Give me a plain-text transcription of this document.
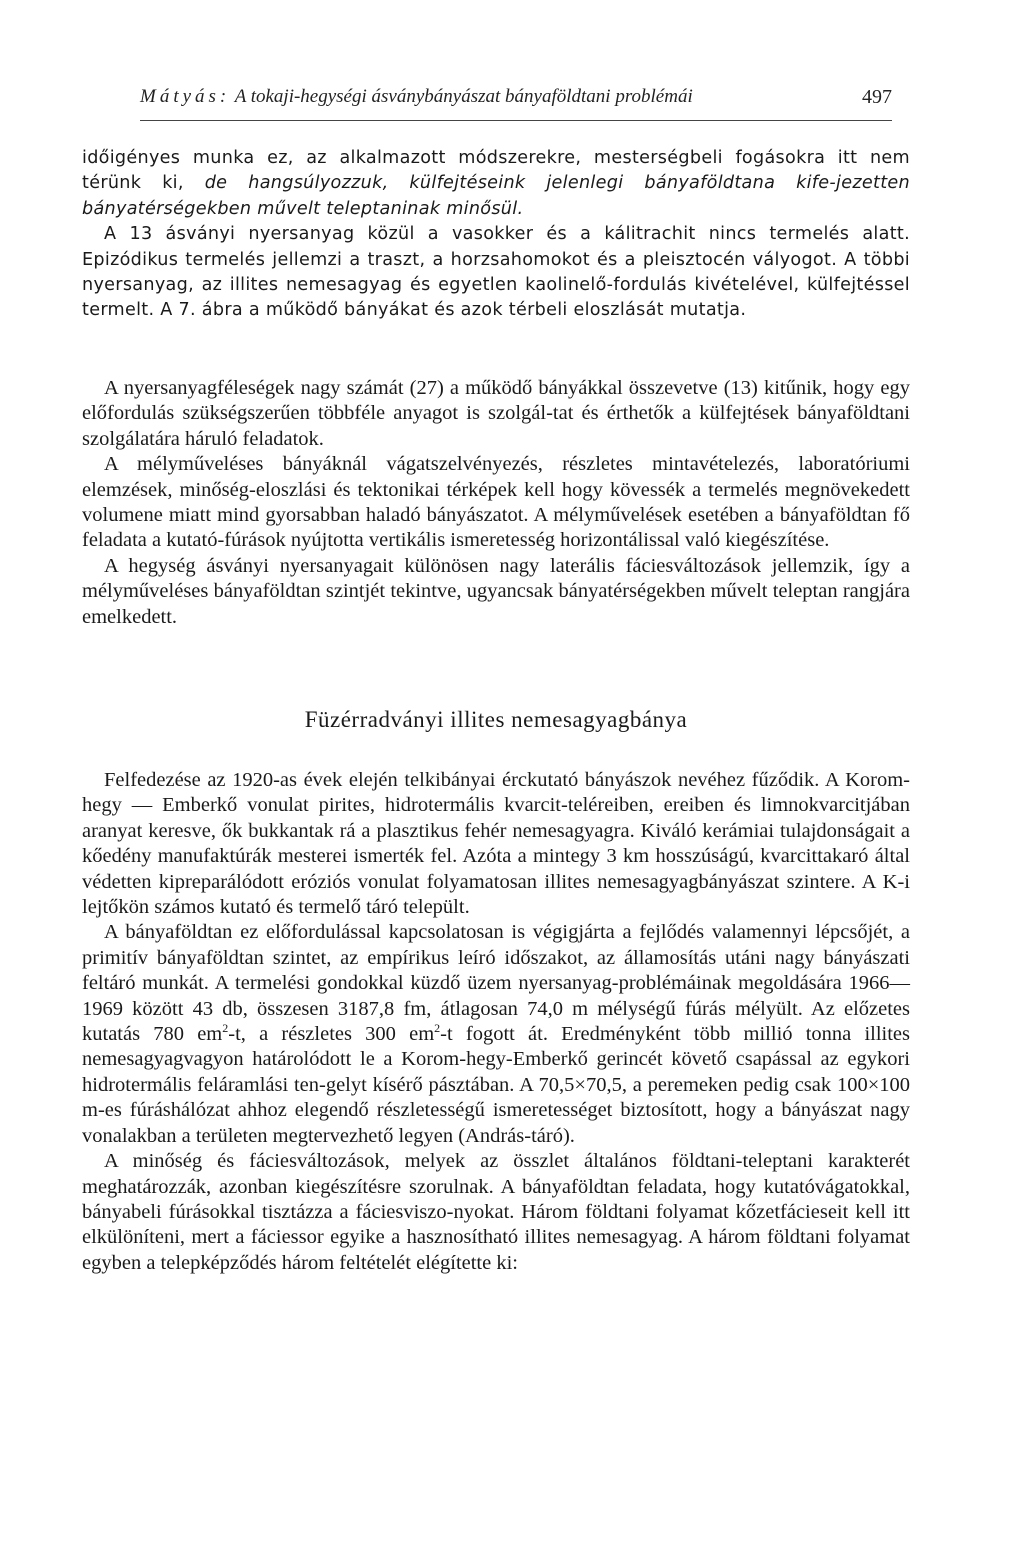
Mátyás: A tokaji-hegységi ásványbányászat bányaföldtani problémái	497

időigényes munka ez, az alkalmazott módszerekre, mesterségbeli fogásokra itt nem térünk ki, de hangsúlyozzuk, külfejtéseink jelenlegi bányaföldtana kife-jezetten bányatérségekben művelt teleptaninak minősül.

A 13 ásványi nyersanyag közül a vasokker és a kálitrachit nincs termelés alatt. Epizódikus termelés jellemzi a traszt, a horzsahomokot és a pleisztocén vályogot. A többi nyersanyag, az illites nemesagyag és egyetlen kaolinelő-fordulás kivételével, külfejtéssel termelt. A 7. ábra a működő bányákat és azok térbeli eloszlását mutatja.

A nyersanyagféleségek nagy számát (27) a működő bányákkal összevetve (13) kitűnik, hogy egy előfordulás szükségszerűen többféle anyagot is szolgál-tat és érthetők a külfejtések bányaföldtani szolgálatára háruló feladatok.

A mélyműveléses bányáknál vágatszelvényezés, részletes mintavételezés, laboratóriumi elemzések, minőség-eloszlási és tektonikai térképek kell hogy kövessék a termelés megnövekedett volumene miatt mind gyorsabban haladó bányászatot. A mélyművelések esetében a bányaföldtan fő feladata a kutató-fúrások nyújtotta vertikális ismeretesség horizontálissal való kiegészítése.

A hegység ásványi nyersanyagait különösen nagy laterális fáciesváltozások jellemzik, így a mélyműveléses bányaföldtan szintjét tekintve, ugyancsak bányatérségekben művelt teleptan rangjára emelkedett.

Füzérradványi illites nemesagyagbánya

Felfedezése az 1920-as évek elején telkibányai érckutató bányászok nevéhez fűződik. A Korom-hegy — Emberkő vonulat pirites, hidrotermális kvarcit-teléreiben, ereiben és limnokvarcitjában aranyat keresve, ők bukkantak rá a plasztikus fehér nemesagyagra. Kiváló kerámiai tulajdonságait a kőedény manufaktúrák mesterei ismerték fel. Azóta a mintegy 3 km hosszúságú, kvarcittakaró által védetten kipreparálódott eróziós vonulat folyamatosan illites nemesagyagbányászat szintere. A K-i lejtőkön számos kutató és termelő táró települt.

A bányaföldtan ez előfordulással kapcsolatosan is végigjárta a fejlődés valamennyi lépcsőjét, a primitív bányaföldtan szintet, az empírikus leíró időszakot, az államosítás utáni nagy bányászati feltáró munkát. A termelési gondokkal küzdő üzem nyersanyag-problémáinak megoldására 1966—1969 között 43 db, összesen 3187,8 fm, átlagosan 74,0 m mélységű fúrás mélyült. Az előzetes kutatás 780 $em^2-t$, a részletes 300 $em^2-t$ fogott át. Eredményként több millió tonna illites nemesagyagvagyon határolódott le a Korom-hegy-Emberkő gerincét követő csapással az egykori hidrotermális feláramlási ten-gelyt kísérő pásztában. A 70,5×70,5, a peremeken pedig csak 100×100 m-es fúráshálózat ahhoz elegendő részletességű ismeretességet biztosított, hogy a bányászat nagy vonalakban a területen megtervezhető legyen (András-táró).

A minőség és fáciesváltozások, melyek az összlet általános földtani-teleptani karakterét meghatározzák, azonban kiegészítésre szorulnak. A bányaföldtan feladata, hogy kutatóvágatokkal, bányabeli fúrásokkal tisztázza a fáciesviszo-nyokat. Három földtani folyamat kőzetfácieseit kell itt elkülöníteni, mert a fáciessor egyike a hasznosítható illites nemesagyag. A három földtani folyamat egyben a telepképződés három feltételét elégítette ki:
